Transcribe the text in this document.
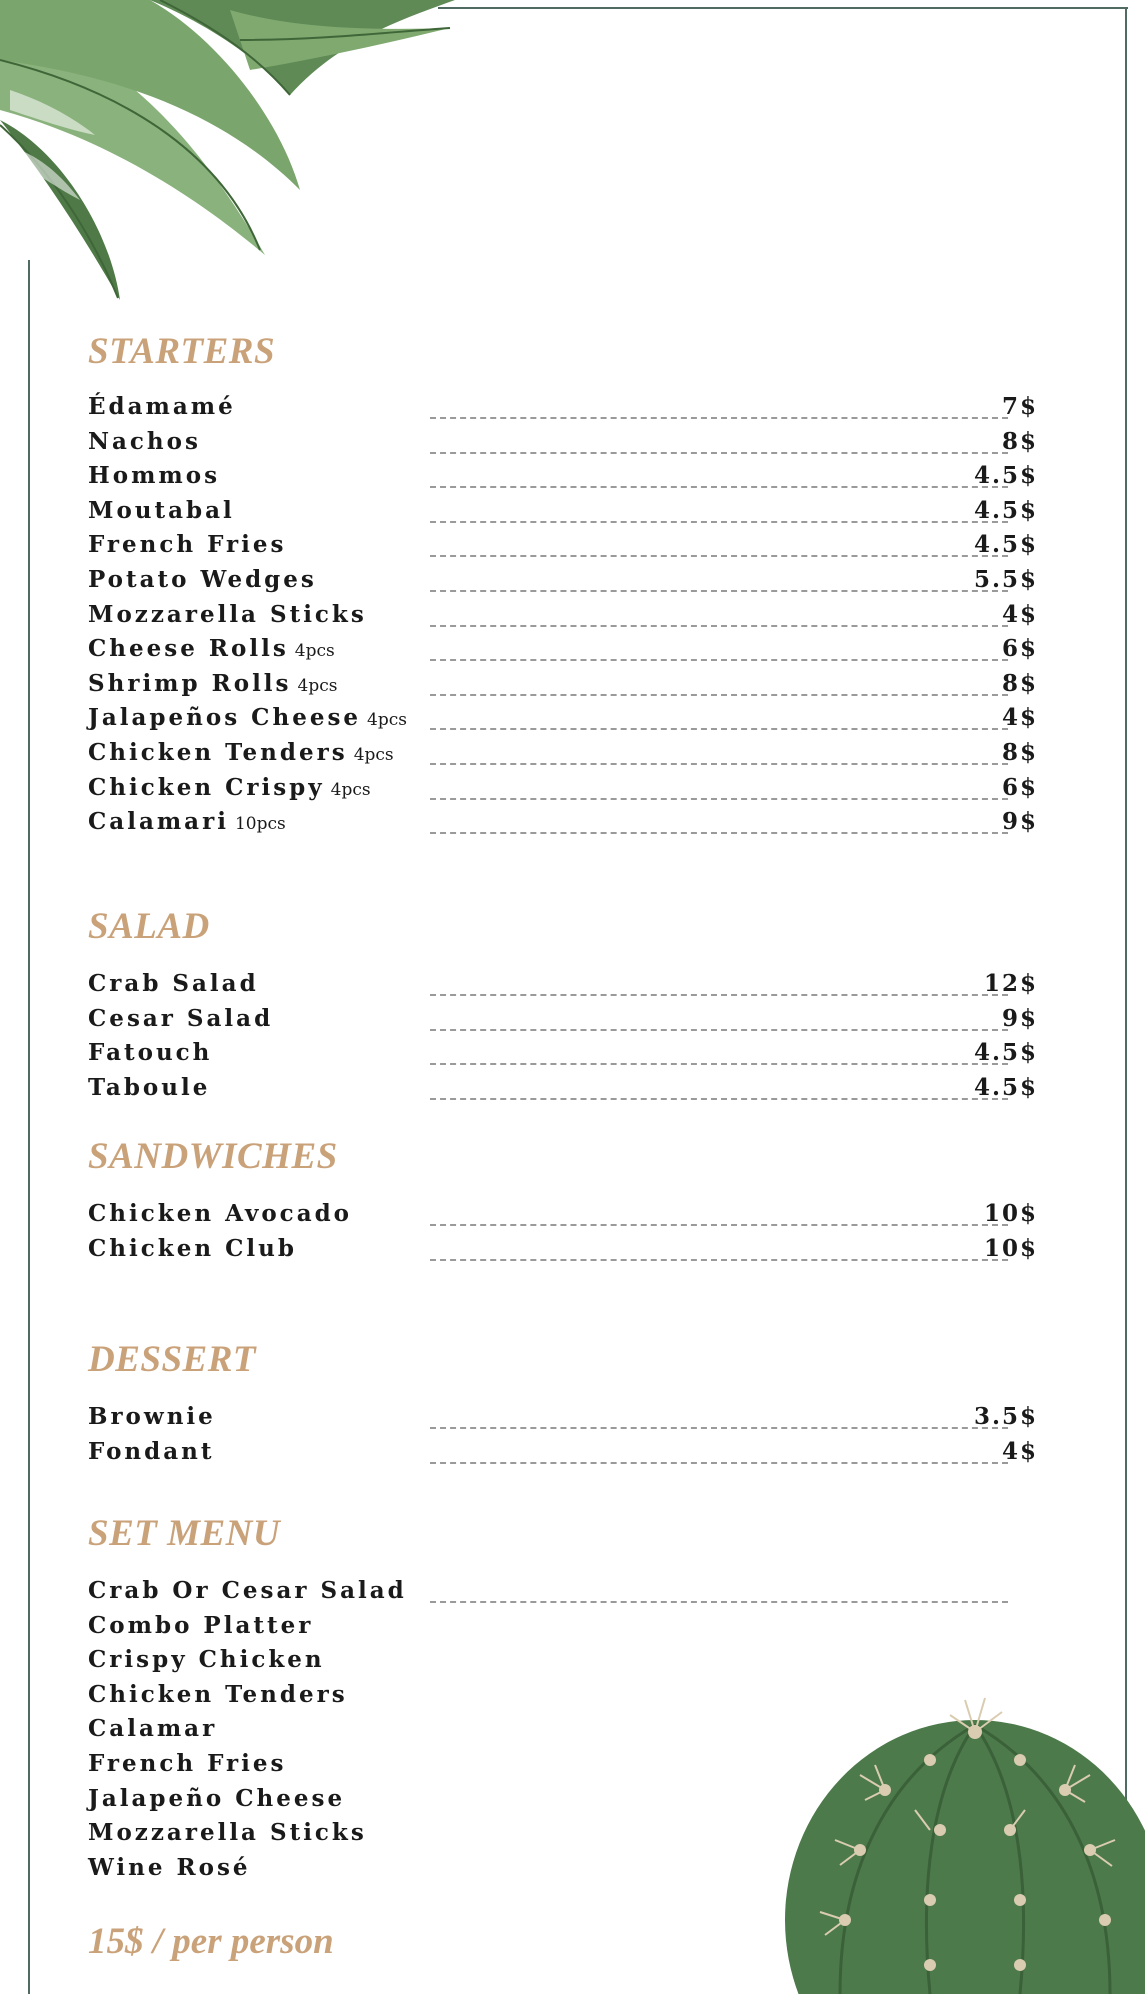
STARTERS
Édamamé	7$
Nachos	8$
Hommos	4.5$
Moutabal	4.5$
French Fries	4.5$
Potato Wedges	5.5$
Mozzarella Sticks	4$
Cheese Rolls 4pcs	6$
Shrimp Rolls 4pcs	8$
Jalapeños Cheese 4pcs	4$
Chicken Tenders 4pcs	8$
Chicken Crispy 4pcs	6$
Calamari 10pcs	9$
SALAD
Crab Salad	12$
Cesar Salad	9$
Fatouch	4.5$
Taboule	4.5$
SANDWICHES
Chicken Avocado	10$
Chicken Club	10$
DESSERT
Brownie	3.5$
Fondant	4$
SET MENU
Crab Or Cesar Salad
Combo Platter
Crispy Chicken
Chicken Tenders
Calamar
French Fries
Jalapeño Cheese
Mozzarella Sticks
Wine Rosé
15$ / per person
